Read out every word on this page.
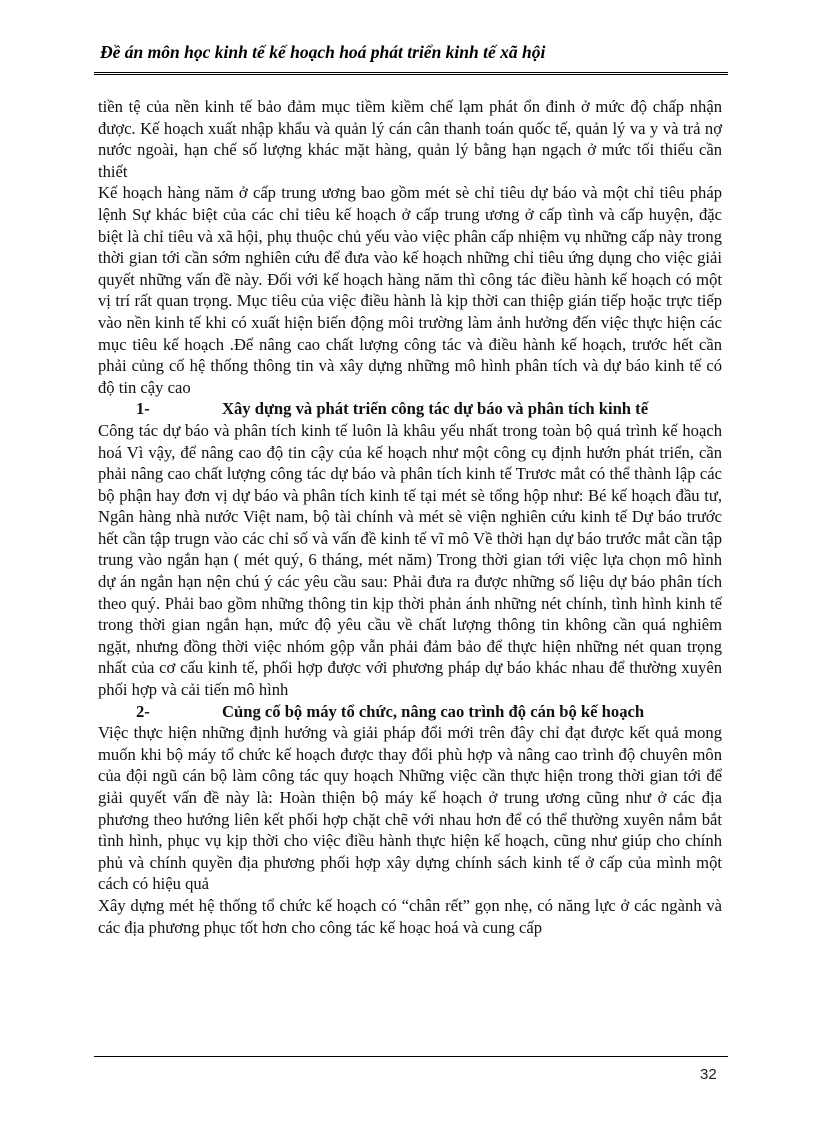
Đề án môn học kinh tế kế hoạch hoá phát triển kinh tế xã hội

tiền tệ của nền kinh tế bảo đảm mục tiềm kiềm chế lạm phát ổn đinh ở mức độ chấp nhận được. Kế hoạch xuất nhập khẩu và quản lý cán cân thanh toán quốc tế, quản lý va y và trả nợ nước ngoài, hạn chế số lượng khác mặt hàng, quản lý bằng hạn ngạch ở mức tối thiểu cần thiết

Kế hoạch hàng năm ở cấp trung ương bao gồm mét sè chỉ tiêu dự báo và một chỉ tiêu pháp lệnh Sự khác biệt của các chỉ tiêu kế hoạch ở cấp trung ương ở cấp tình và cấp huyện, đặc biệt là chỉ tiêu và xã hội, phụ thuộc chủ yếu vào việc phân cấp nhiệm vụ những cấp này trong thời gian tới cần sớm nghiên cứu để đưa vào kế hoạch những chỉ tiêu ứng dụng cho việc giải quyết những vấn đề này. Đối với kế hoạch hàng năm thì công tác điều hành kế hoạch có một vị trí rất quan trọng. Mục tiêu của việc điều hành là kịp thời can thiệp gián tiếp hoặc trực tiếp vào nền kinh tế khi có xuất hiện biến động môi trường làm ảnh hưởng đến việc thực hiện các mục tiêu kế hoạch .Để nâng cao chất lượng công tác và điều hành kế hoạch, trước hết cần phải củng cố hệ thống thông tin và xây dựng những mô hình phân tích và dự báo kinh tế có độ tin cậy cao

1-	Xây dựng và phát triển công tác dự báo và phân tích kinh tế

Công tác dự báo và phân tích kinh tế luôn là khâu yếu nhất trong toàn bộ quá trình kế hoạch hoá Vì vậy, để nâng cao độ tin cậy của kế hoạch như một công cụ định hướn phát triển, cần phải nâng cao chất lượng công tác dự báo và phân tích kinh tế Trươc mắt có thể thành lập các bộ phận hay đơn vị dự báo và phân tích kinh tế tại mét sè tổng hộp như: Bé kế hoạch đầu tư, Ngân hàng nhà nước Việt nam, bộ tài chính và mét sè viện nghiên cứu kinh tế Dự báo trước hết cần tập trugn vào các chỉ số và vấn đề kinh tế vĩ mô Về thời hạn dự báo trước mắt cần tập trung vào ngắn hạn ( mét quý, 6 tháng, mét năm) Trong thời gian tới việc lựa chọn mô hình dự án ngắn hạn nện chú ý các yêu cầu sau: Phải đưa ra được những số liệu dự báo phân tích theo quý. Phải bao gồm những thông tin kịp thời phản ánh những nét chính, tình hình kinh tế trong thời gian ngắn hạn, mức độ yêu cầu về chất lượng thông tin không cần quá nghiêm ngặt, nhưng đồng thời việc nhóm gộp vẫn phải đảm bảo để thực hiện những nét quan trọng nhất của cơ cấu kinh tế, phối hợp được với phương pháp dự báo khác nhau để thường xuyên phối hợp và cải tiến mô hình

2-	Củng cố bộ máy tổ chức, nâng cao trình độ cán bộ kế hoạch

Việc thực hiện những định hướng và giải pháp đổi mới trên đây chỉ đạt được kết quả mong muốn khi bộ máy tổ chức kế hoạch được thay đổi phù hợp và nâng cao trình độ chuyên môn của đội ngũ cán bộ làm công tác quy hoạch Những việc cần thực hiện trong thời gian tới để giải quyết vấn đề này là: Hoàn thiện bộ máy kế hoạch ở trung ương cũng như ở các địa phương theo hướng liên kết phối hợp chặt chẽ với nhau hơn để có thể thường xuyên nắm bắt tình hình, phục vụ kịp thời cho việc điều hành thực hiện kế hoạch, cũng như giúp cho chính phủ và chính quyền địa phương phối hợp xây dựng chính sách kinh tế ở cấp của mình một cách có hiệu quả

Xây dựng mét hệ thống tổ chức kế hoạch có “chân rết” gọn nhẹ, có năng lực ở các ngành và các địa phương phục tốt hơn cho công tác kế hoạc hoá và cung cấp

32
